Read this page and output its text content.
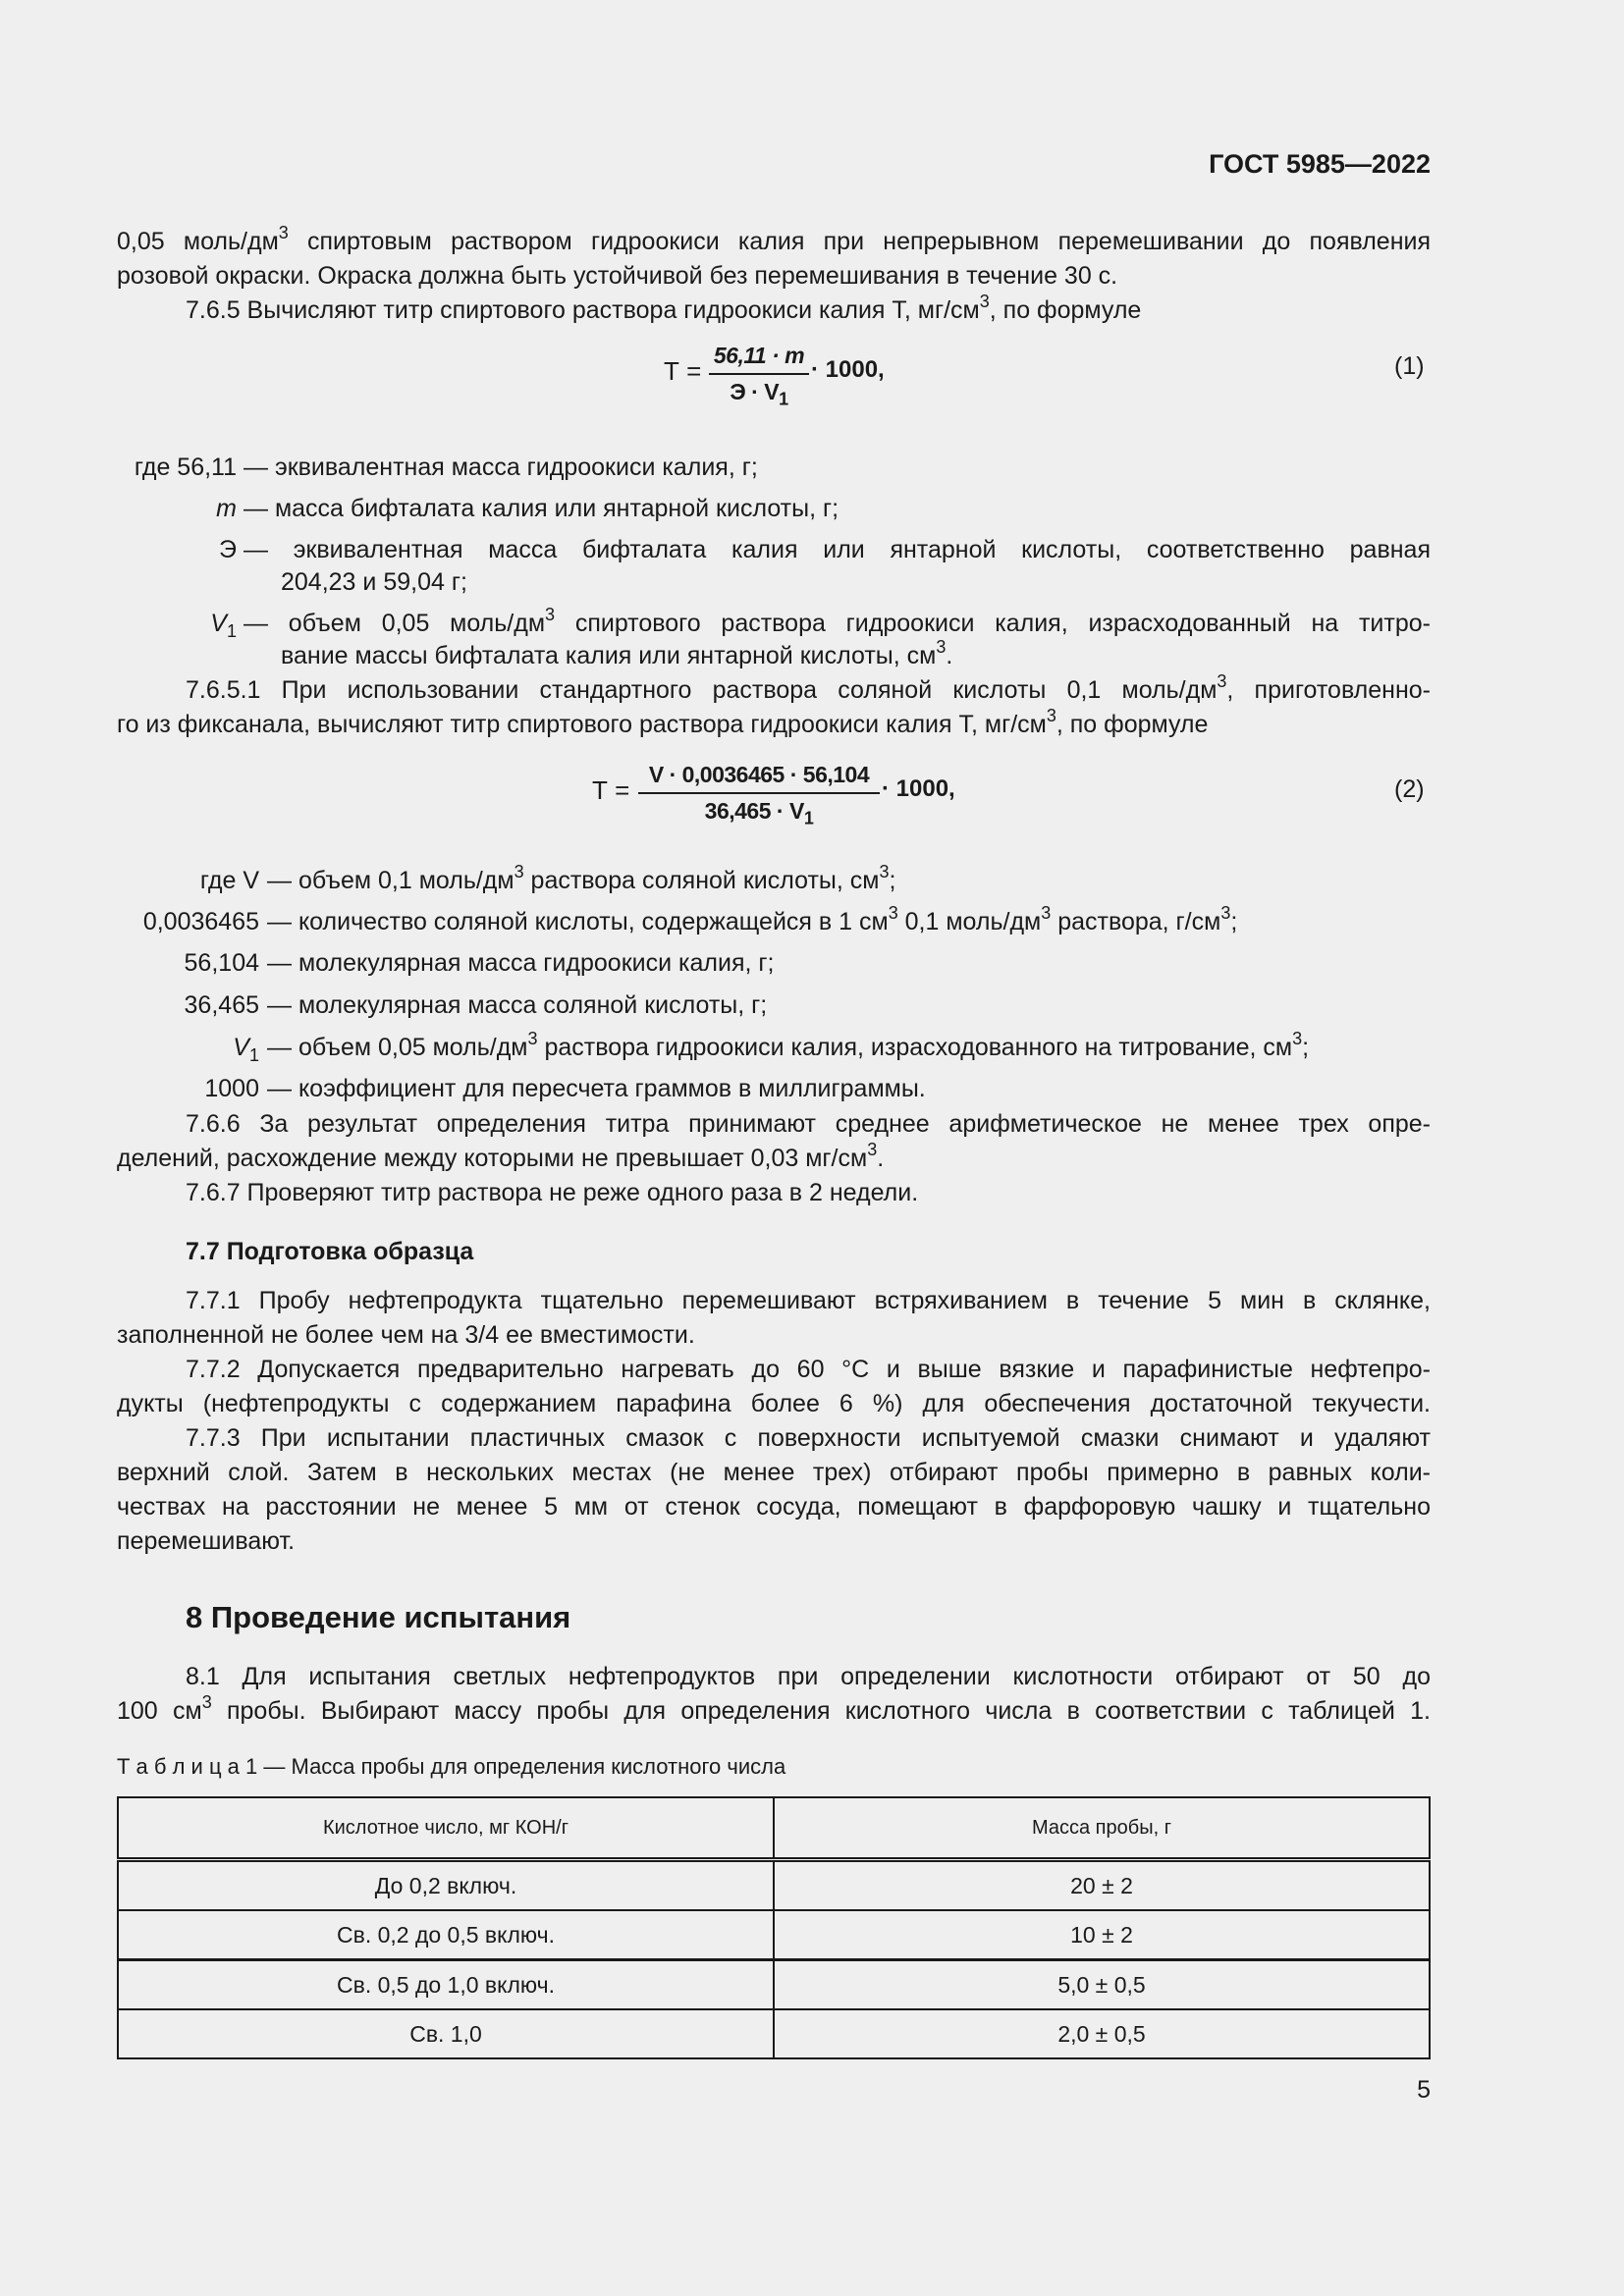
ГОСТ 5985—2022
0,05 моль/$дм^3$ спиртовым раствором гидроокиси калия при непрерывном перемешивании до появления
розовой окраски. Окраска должна быть устойчивой без перемешивания в течение 30 с.
7.6.5 Вычисляют титр спиртового раствора гидроокиси калия Т, $мг/см^3$, по формуле
Т =
56,11 · m
$Э \cdot V_1$
· 1000,	(1)
где 56,11 — эквивалентная масса гидроокиси калия, г;
m — масса бифталата калия или янтарной кислоты, г;
Э — эквивалентная масса бифталата калия или янтарной кислоты, соответственно равная
204,23 и 59,04 г;
$V_1$ — объем 0,05 моль/$дм^3$ спиртового раствора гидроокиси калия, израсходованный на титро-
вание массы бифталата калия или янтарной кислоты, $см^3$.
7.6.5.1 При использовании стандартного раствора соляной кислоты 0,1 моль/$дм^3$, приготовленно-
го из фиксанала, вычисляют титр спиртового раствора гидроокиси калия Т, $мг/см^3$, по формуле
Т =
V · 0,0036465 · 56,104
$36,465 \cdot V_1$
· 1000,	(2)
где V — объем 0,1 моль/$дм^3$ раствора соляной кислоты, $см^3$;
0,0036465 — количество соляной кислоты, содержащейся в 1 $см^3$ 0,1 моль/$дм^3$ раствора, $г/см^3$;
56,104 — молекулярная масса гидроокиси калия, г;
36,465 — молекулярная масса соляной кислоты, г;
$V_1$ — объем 0,05 моль/$дм^3$ раствора гидроокиси калия, израсходованного на титрование, $см^3$;
1000 — коэффициент для пересчета граммов в миллиграммы.
7.6.6 За результат определения титра принимают среднее арифметическое не менее трех опре-
делений, расхождение между которыми не превышает 0,03 $мг/см^3$.
7.6.7 Проверяют титр раствора не реже одного раза в 2 недели.
7.7 Подготовка образца
7.7.1 Пробу нефтепродукта тщательно перемешивают встряхиванием в течение 5 мин в склянке,
заполненной не более чем на 3/4 ее вместимости.
7.7.2 Допускается предварительно нагревать до 60 °С и выше вязкие и парафинистые нефтепро-
дукты (нефтепродукты с содержанием парафина более 6 %) для обеспечения достаточной текучести.
7.7.3 При испытании пластичных смазок с поверхности испытуемой смазки снимают и удаляют
верхний слой. Затем в нескольких местах (не менее трех) отбирают пробы примерно в равных коли-
чествах на расстоянии не менее 5 мм от стенок сосуда, помещают в фарфоровую чашку и тщательно
перемешивают.
8 Проведение испытания
8.1 Для испытания светлых нефтепродуктов при определении кислотности отбирают от 50 до
100 $см^3$ пробы. Выбирают массу пробы для определения кислотного числа в соответствии с таблицей 1.
Т а б л и ц а 1 — Масса пробы для определения кислотного числа
Кислотное число, мг КОН/г	Масса пробы, г
До 0,2 включ.	20 ± 2
Св. 0,2 до 0,5 включ.	10 ± 2
Св. 0,5 до 1,0 включ.	5,0 ± 0,5
Св. 1,0	2,0 ± 0,5
5
